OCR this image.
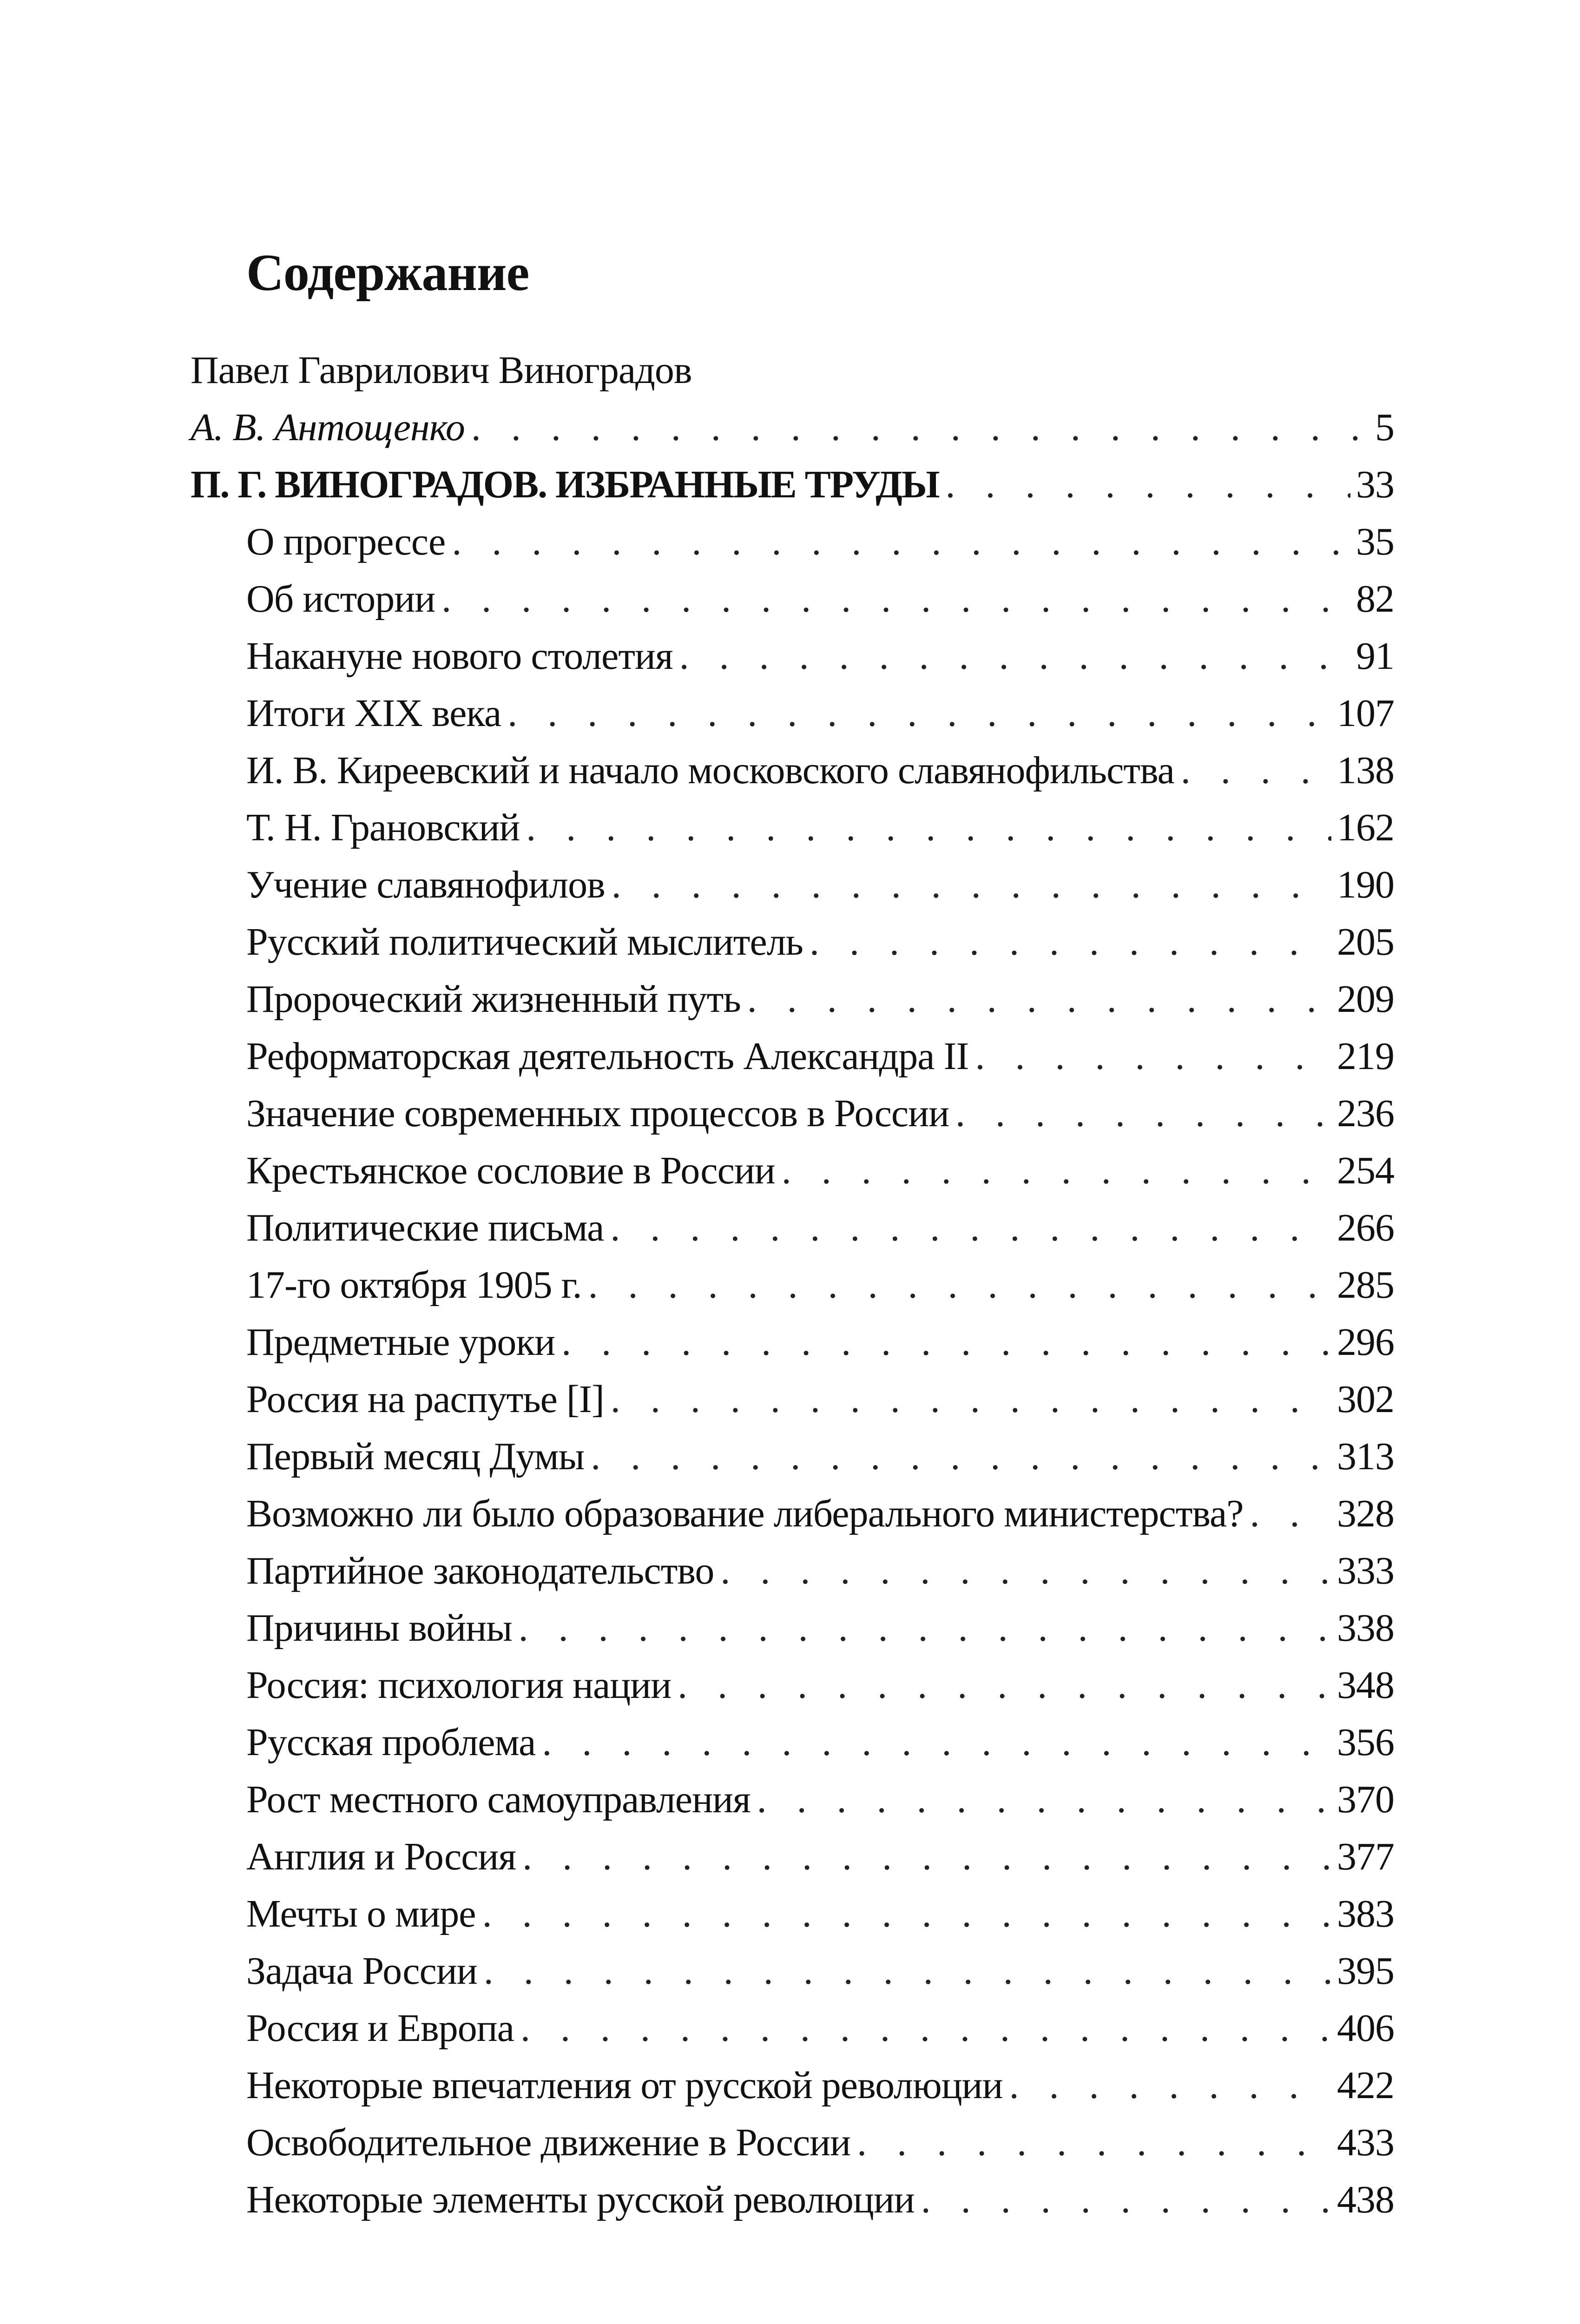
Содержание
Павел Гаврилович Виноградов
А. В. Антощенко . . .	5
П. Г. ВИНОГРАДОВ. ИЗБРАННЫЕ ТРУДЫ . . .	33
О прогрессе . . .	35
Об истории . . .	82
Накануне нового столетия . . .	91
Итоги XIX века . . .	107
И. В. Киреевский и начало московского славянофильства . . .	138
Т. Н. Грановский . . .	162
Учение славянофилов . . .	190
Русский политический мыслитель . . .	205
Пророческий жизненный путь . . .	209
Реформаторская деятельность Александра II . . .	219
Значение современных процессов в России . . .	236
Крестьянское сословие в России . . .	254
Политические письма . . .	266
17-го октября 1905 г. . . .	285
Предметные уроки . . .	296
Россия на распутье [I] . . .	302
Первый месяц Думы . . .	313
Возможно ли было образование либерального министерства? . . . 328
Партийное законодательство . . .	333
Причины войны . . .	338
Россия: психология нации . . .	348
Русская проблема . . .	356
Рост местного самоуправления . . .	370
Англия и Россия . . .	377
Мечты о мире . . .	383
Задача России . . .	395
Россия и Европа . . .	406
Некоторые впечатления от русской революции . . .	422
Освободительное движение в России . . .	433
Некоторые элементы русской революции . . .	438
